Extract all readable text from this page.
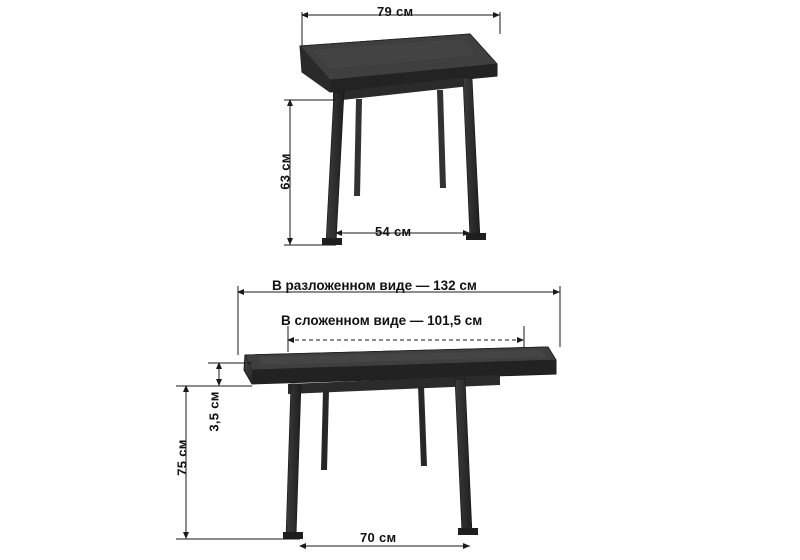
79 см
63 см
54 см
В разложенном виде — 132 см
В сложенном виде — 101,5 см
3,5 см
75 см
70 см
